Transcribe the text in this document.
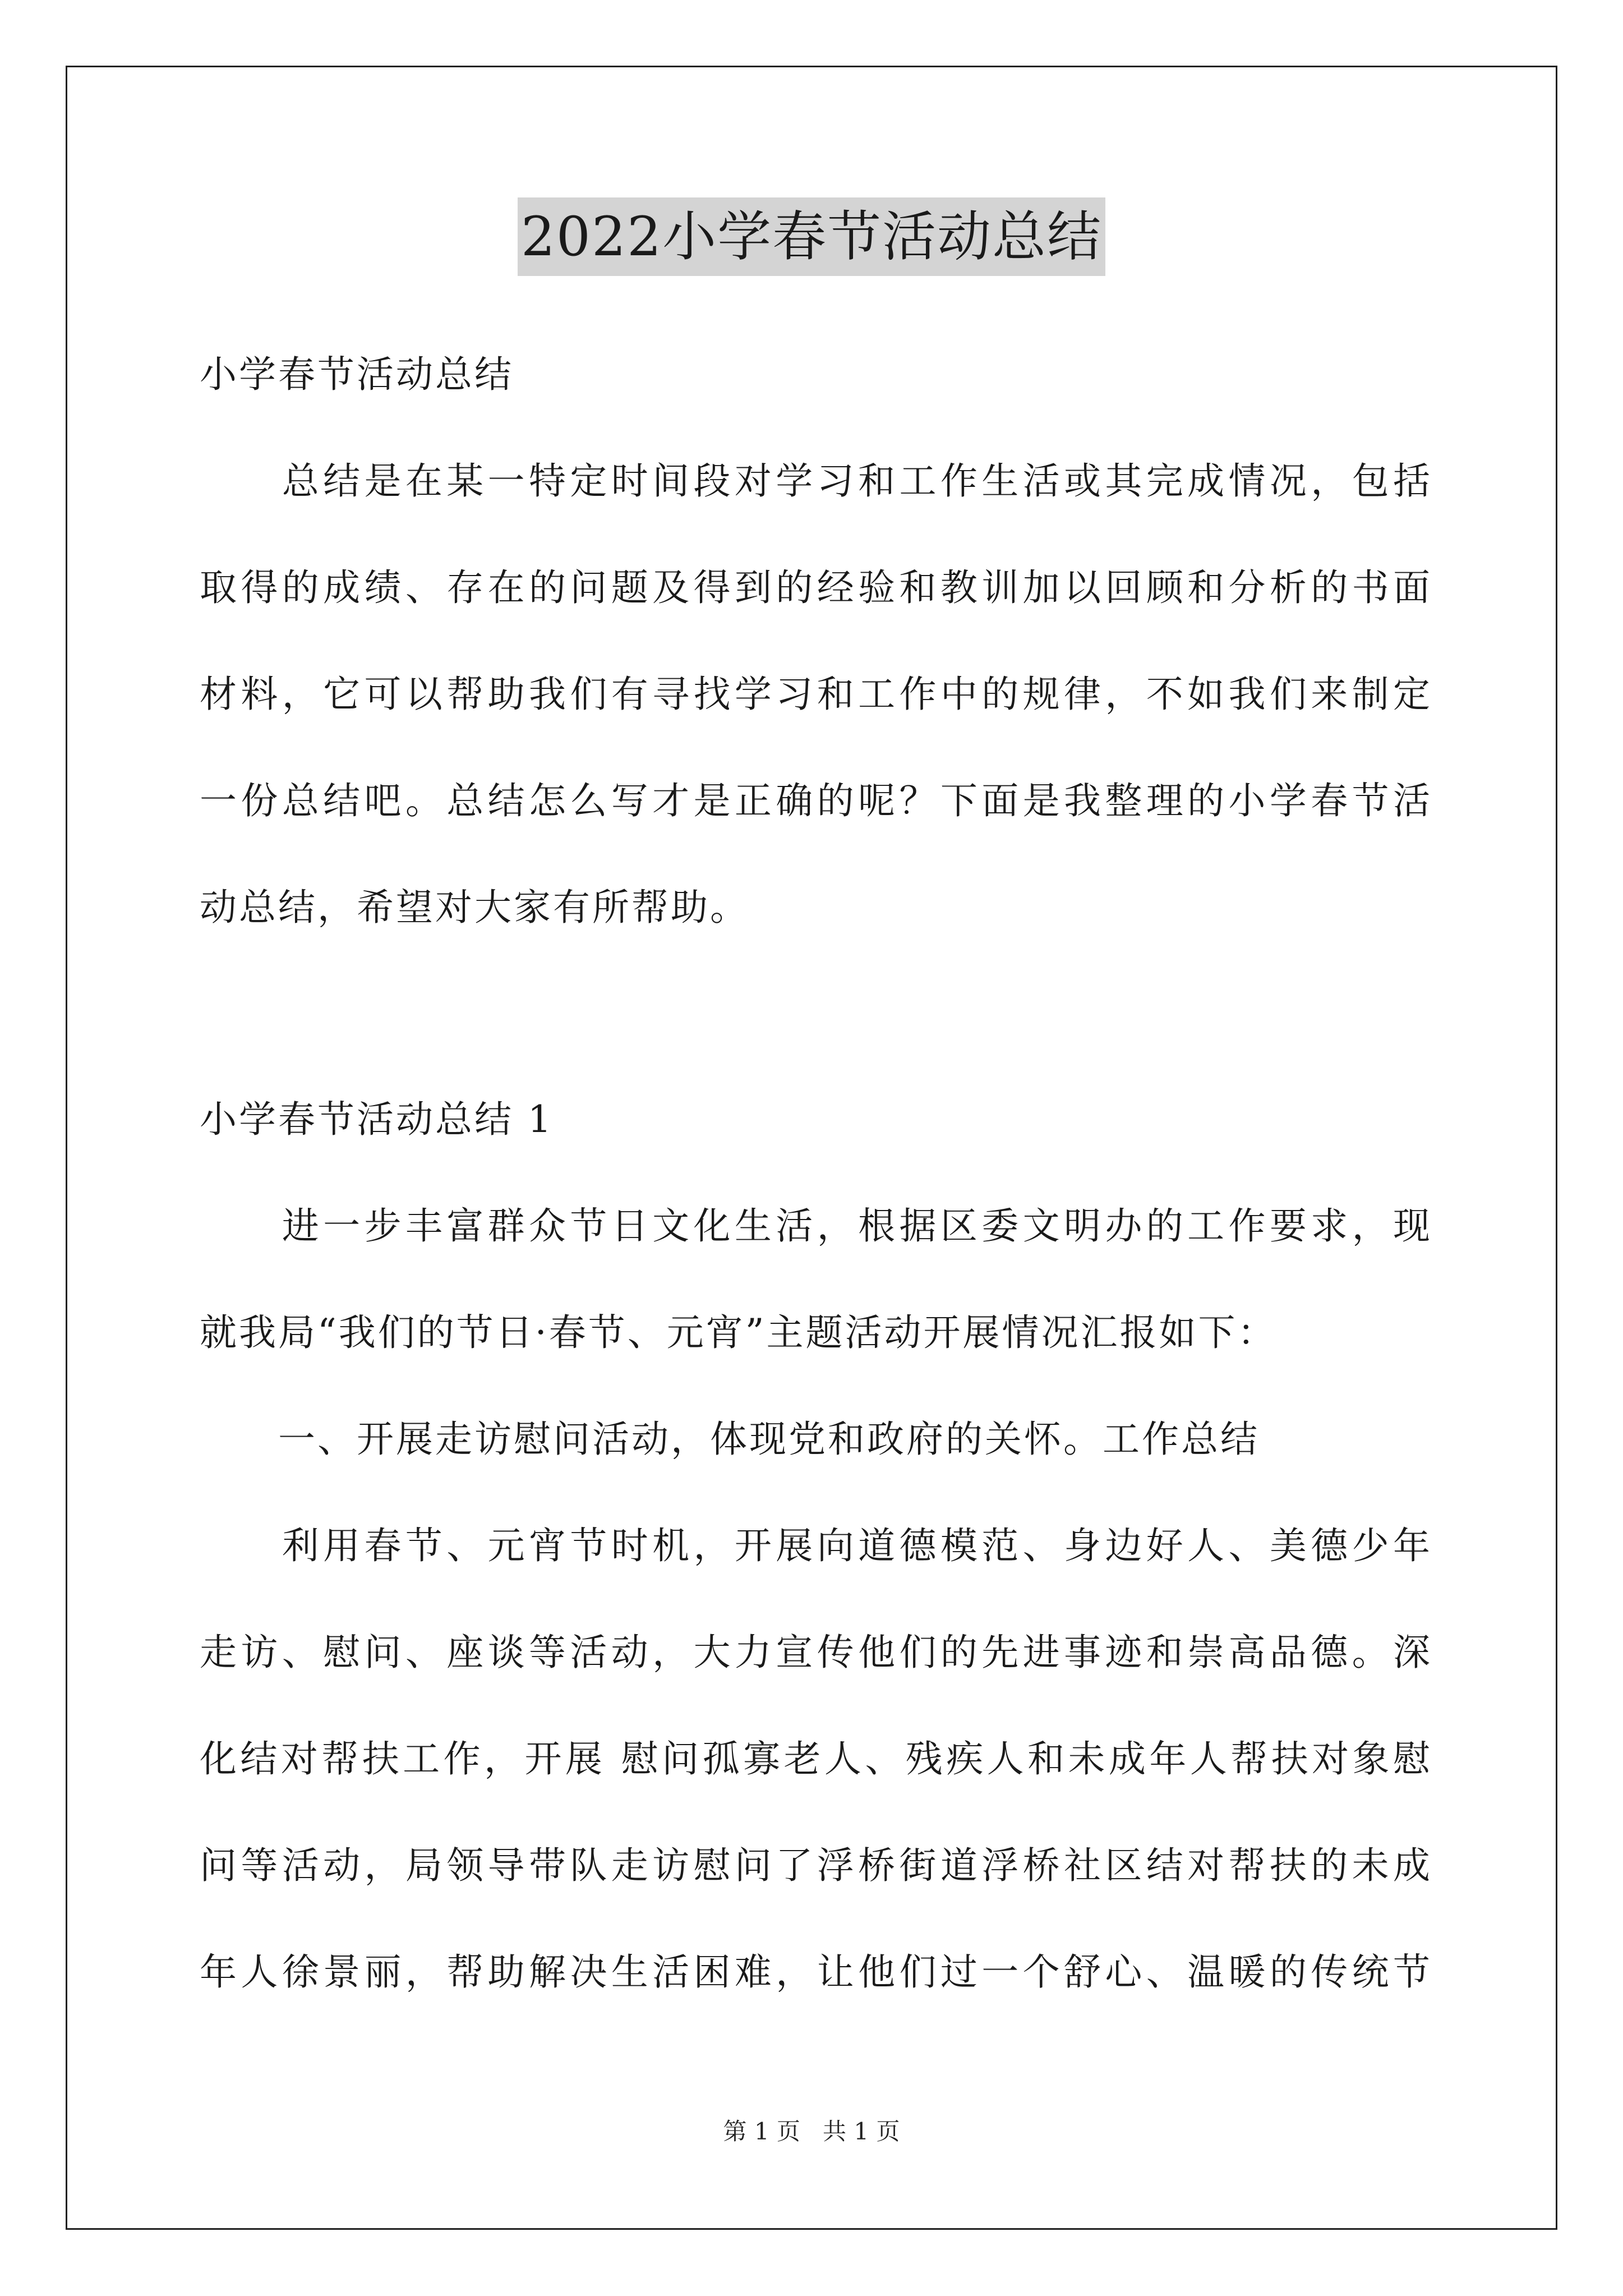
2022小学春节活动总结
小学春节活动总结
　　总结是在某一特定时间段对学习和工作生活或其完成情况，包括
取得的成绩、存在的问题及得到的经验和教训加以回顾和分析的书面
材料，它可以帮助我们有寻找学习和工作中的规律，不如我们来制定
一份总结吧。总结怎么写才是正确的呢？下面是我整理的小学春节活
动总结，希望对大家有所帮助。
小学春节活动总结 1
　　进一步丰富群众节日文化生活，根据区委文明办的工作要求，现
就我局“我们的节日·春节、元宵”主题活动开展情况汇报如下：
　　一、开展走访慰问活动，体现党和政府的关怀。工作总结
　　利用春节、元宵节时机，开展向道德模范、身边好人、美德少年
走访、慰问、座谈等活动，大力宣传他们的先进事迹和崇高品德。深
化结对帮扶工作，开展 慰问孤寡老人、残疾人和未成年人帮扶对象慰
问等活动，局领导带队走访慰问了浮桥街道浮桥社区结对帮扶的未成
年人徐景丽，帮助解决生活困难，让他们过一个舒心、温暖的传统节
第 1 页   共 1 页
